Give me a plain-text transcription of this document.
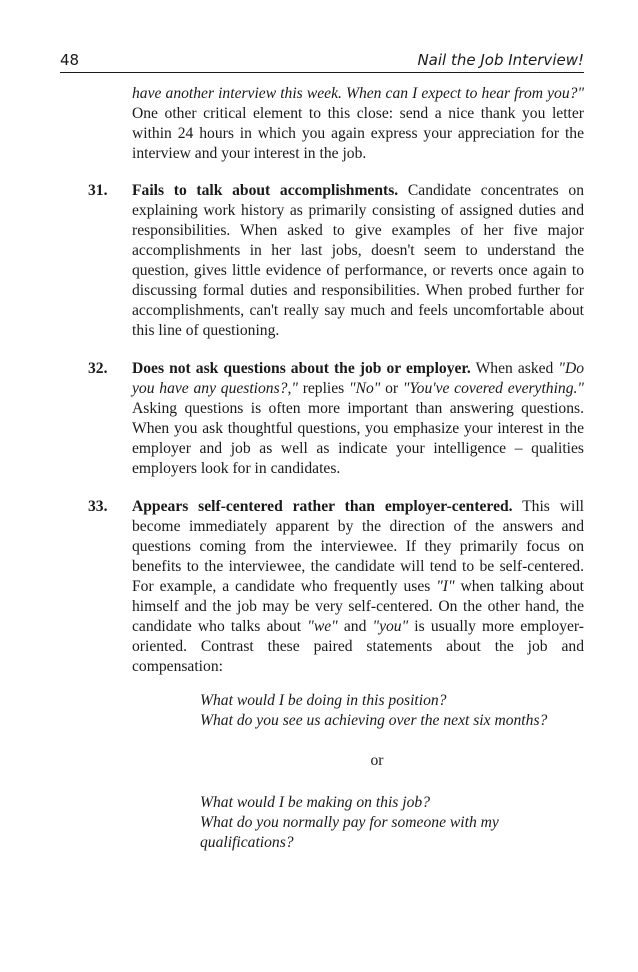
48	Nail the Job Interview!

have another interview this week. When can I expect to hear from you?" One other critical element to this close: send a nice thank you letter within 24 hours in which you again express your appreciation for the interview and your interest in the job.

31.	Fails to talk about accomplishments. Candidate concentrates on explaining work history as primarily consisting of assigned duties and responsibilities. When asked to give examples of her five major accomplishments in her last jobs, doesn't seem to understand the question, gives little evidence of performance, or reverts once again to discussing formal duties and responsibilities. When probed further for accomplishments, can't really say much and feels uncomfortable about this line of questioning.

32.	Does not ask questions about the job or employer. When asked "Do you have any questions?," replies "No" or "You've covered everything." Asking questions is often more important than answering questions. When you ask thoughtful questions, you emphasize your interest in the employer and job as well as indicate your intelligence – qualities employers look for in candidates.

33.	Appears self-centered rather than employer-centered. This will become immediately apparent by the direction of the answers and questions coming from the interviewee. If they primarily focus on benefits to the interviewee, the candidate will tend to be self-centered. For example, a candidate who frequently uses "I" when talking about himself and the job may be very self-centered. On the other hand, the candidate who talks about "we" and "you" is usually more employer-oriented. Contrast these paired statements about the job and compensation:

What would I be doing in this position?
What do you see us achieving over the next six months?
or
What would I be making on this job?
What do you normally pay for someone with my qualifications?
